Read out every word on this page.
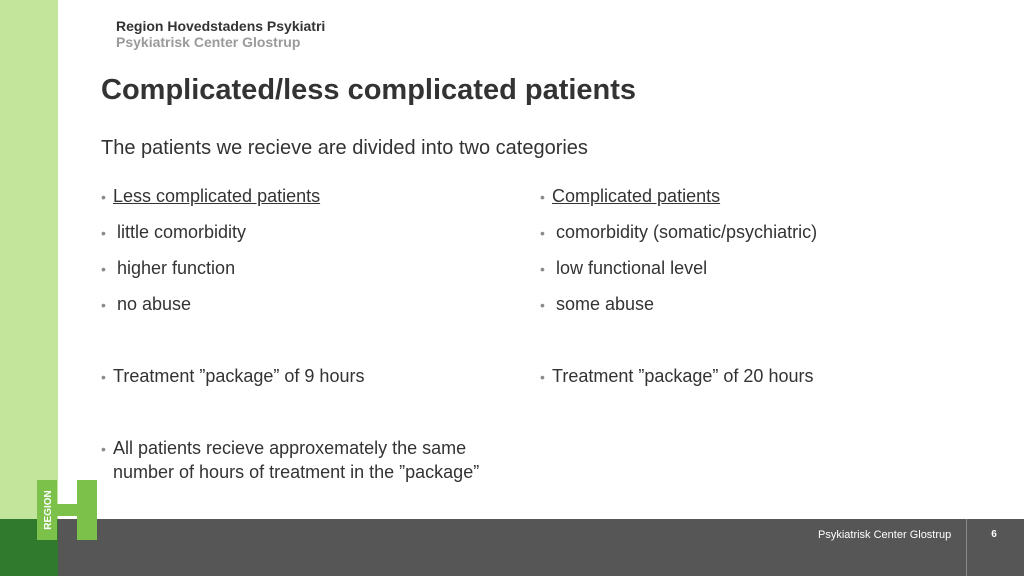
Psykiatrisk Center Glostrup	6
REGION
Region Hovedstadens Psykiatri
Psykiatrisk Center Glostrup
Complicated/less complicated patients
The patients we recieve are divided into two categories
• Less complicated patients
• little comorbidity
• higher function
• no abuse
• Treatment ”package” of 9 hours
• All patients recieve approxemately the same
number of hours of treatment in the ”package”
• Complicated patients
• comorbidity (somatic/psychiatric)
• low functional level
• some abuse
• Treatment ”package” of 20 hours
